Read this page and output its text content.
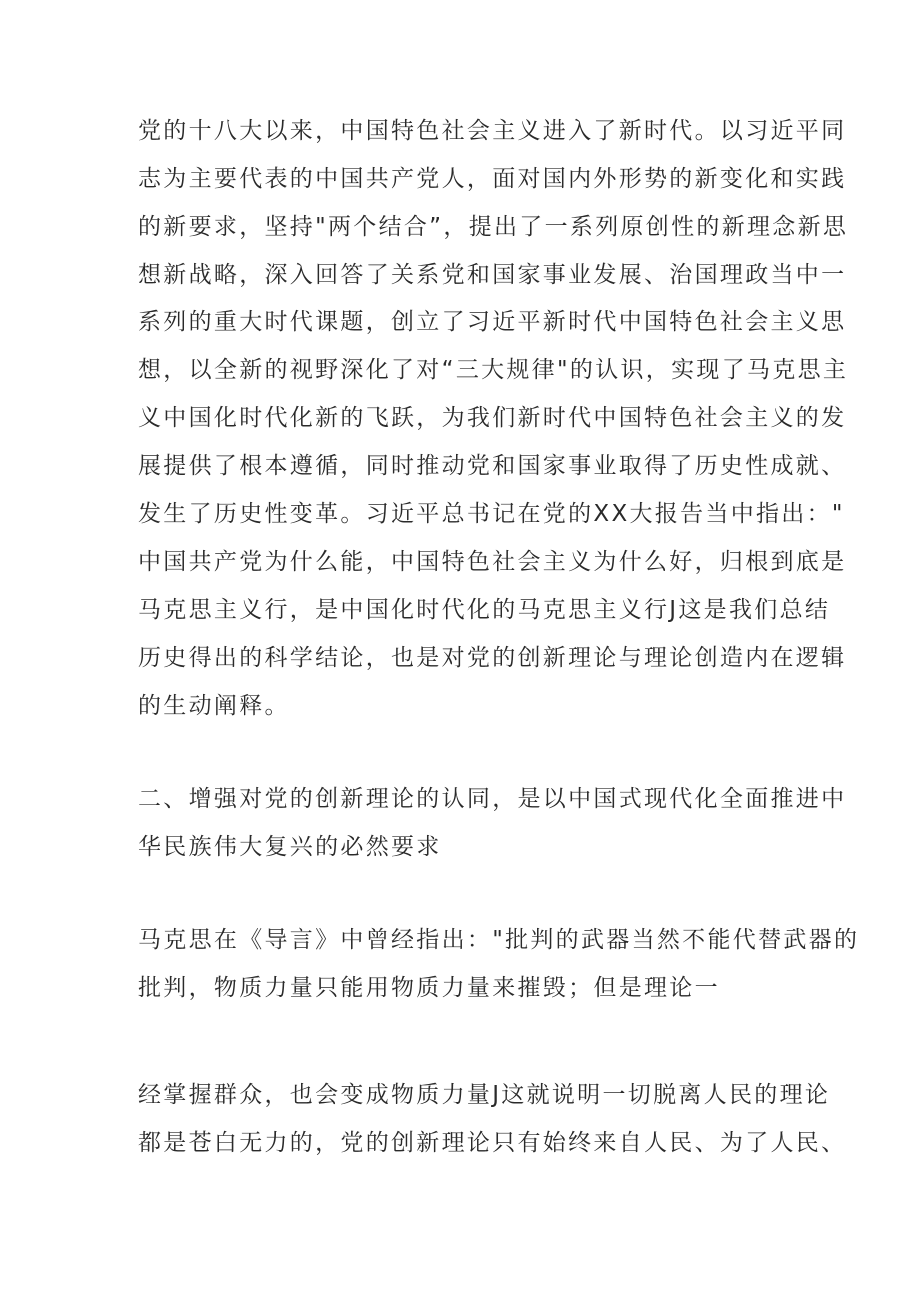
党的十八大以来，中国特色社会主义进入了新时代。以习近平同
志为主要代表的中国共产党人，面对国内外形势的新变化和实践
的新要求，坚持"两个结合”，提出了一系列原创性的新理念新思
想新战略，深入回答了关系党和国家事业发展、治国理政当中一
系列的重大时代课题，创立了习近平新时代中国特色社会主义思
想，以全新的视野深化了对“三大规律"的认识，实现了马克思主
义中国化时代化新的飞跃，为我们新时代中国特色社会主义的发
展提供了根本遵循，同时推动党和国家事业取得了历史性成就、
发生了历史性变革。习近平总书记在党的XX大报告当中指出："
中国共产党为什么能，中国特色社会主义为什么好，归根到底是
马克思主义行，是中国化时代化的马克思主义行J这是我们总结
历史得出的科学结论，也是对党的创新理论与理论创造内在逻辑
的生动阐释。
二、增强对党的创新理论的认同，是以中国式现代化全面推进中
华民族伟大复兴的必然要求
马克思在《导言》中曾经指出："批判的武器当然不能代替武器的
批判，物质力量只能用物质力量来摧毁；但是理论一
经掌握群众，也会变成物质力量J这就说明一切脱离人民的理论
都是苍白无力的，党的创新理论只有始终来自人民、为了人民、
